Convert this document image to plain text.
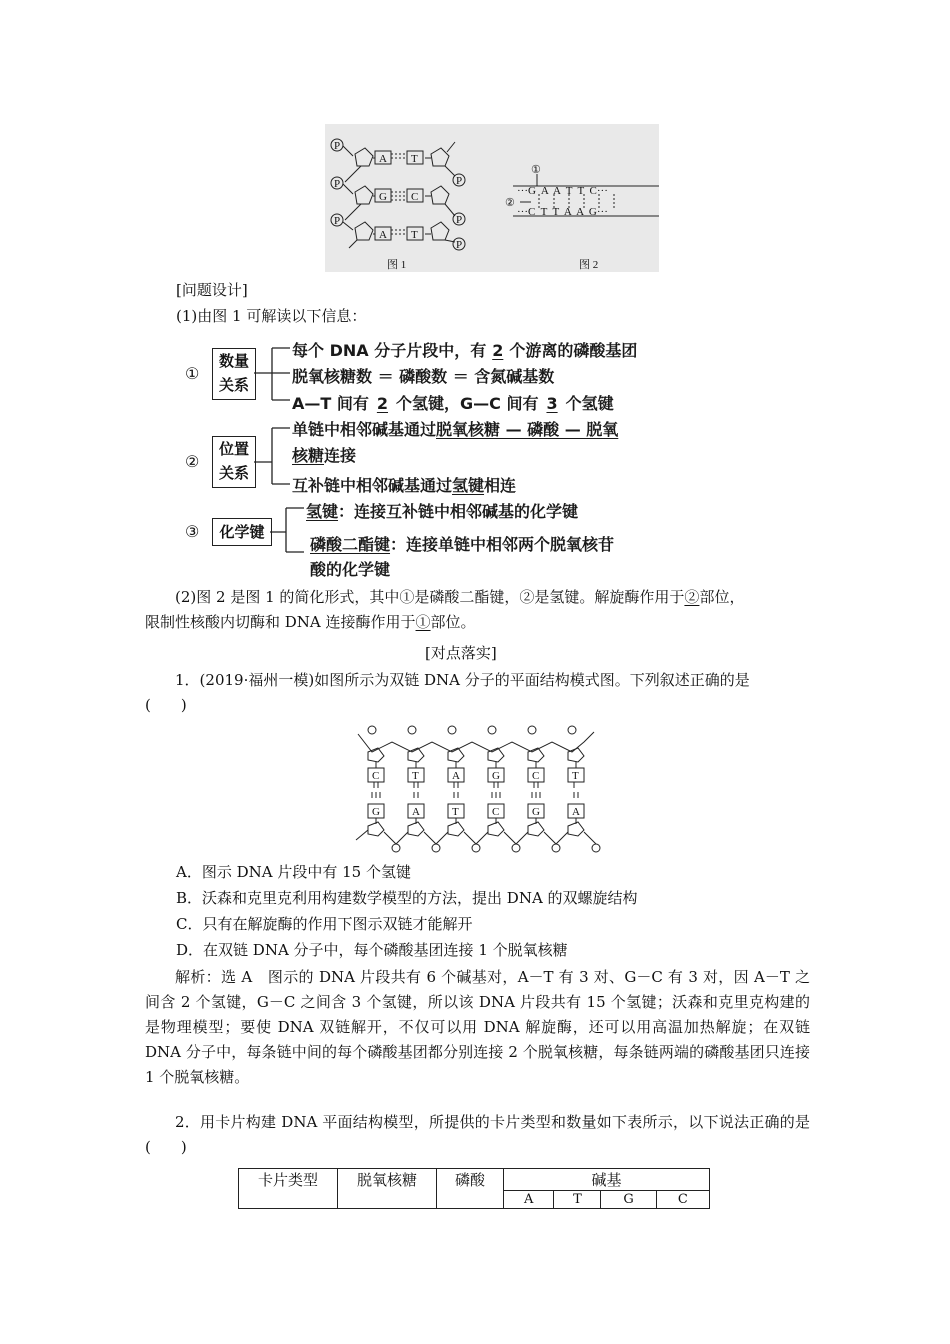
P
P
P
P
P
P
A T
G C
A T
①
②
···G  A  A  T  T  C···
···C  T  T  A  A  G···
图 1	图 2
[问题设计]
(1)由图 1 可解读以下信息：
①
数量
关系
每个 DNA 分子片段中，有 2 个游离的磷酸基团
脱氧核糖数 ＝ 磷酸数 ＝ 含氮碱基数
A—T 间有 2 个氢键，G—C 间有 3 个氢键
②
位置
关系
单链中相邻碱基通过脱氧核糖 — 磷酸 — 脱氧
核糖连接
互补链中相邻碱基通过氢键相连
③	化学键
氢键：连接互补链中相邻碱基的化学键
磷酸二酯键：连接单链中相邻两个脱氧核苷
酸的化学键
(2)图 2 是图 1 的简化形式，其中①是磷酸二酯键，②是氢键。解旋酶作用于②部位，
限制性核酸内切酶和 DNA 连接酶作用于①部位。
[对点落实]
1．(2019·福州一模)如图所示为双链 DNA 分子的平面结构模式图。下列叙述正确的是
(　　)
C	T	A	G	C	T
G	A	T	C	G	A
A．图示 DNA 片段中有 15 个氢键
B．沃森和克里克利用构建数学模型的方法，提出 DNA 的双螺旋结构
C．只有在解旋酶的作用下图示双链才能解开
D．在双链 DNA 分子中，每个磷酸基团连接 1 个脱氧核糖
解析：选 A　图示的 DNA 片段共有 6 个碱基对，A－T 有 3 对、G－C 有 3 对，因 A－T 之间含 2 个氢键，G－C 之间含 3 个氢键，所以该 DNA 片段共有 15 个氢键；沃森和克里克构建的是物理模型；要使 DNA 双链解开，不仅可以用 DNA 解旋酶，还可以用高温加热解旋；在双链 DNA 分子中，每条链中间的每个磷酸基团都分别连接 2 个脱氧核糖，每条链两端的磷酸基团只连接 1 个脱氧核糖。
2．用卡片构建 DNA 平面结构模型，所提供的卡片类型和数量如下表所示，以下说法正确的是(　　)
卡片类型	脱氧核糖	磷酸	碱基			
			A	T	G	C
